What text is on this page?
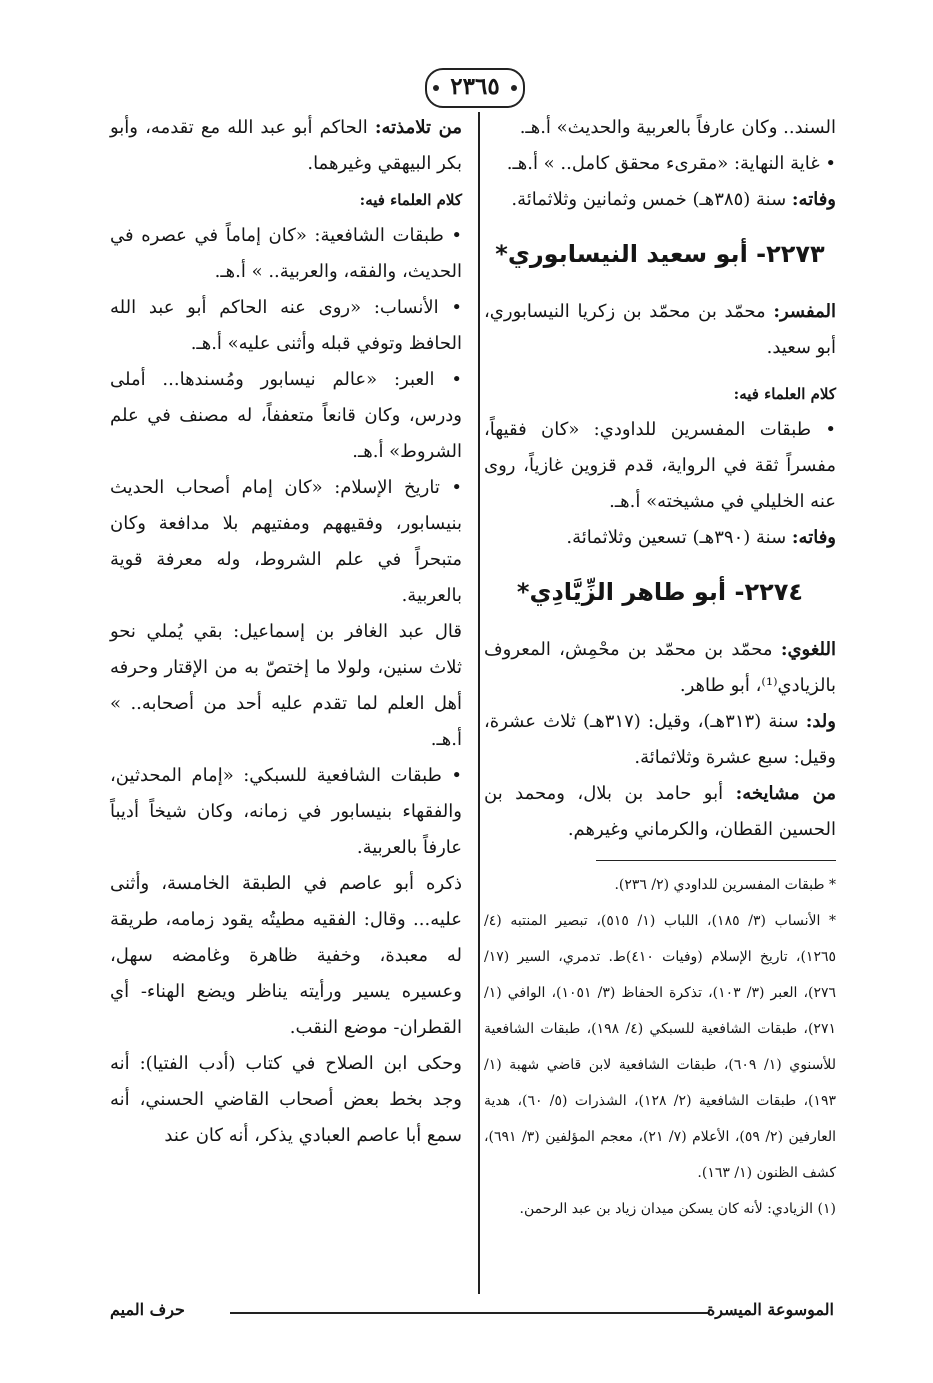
٢٣٦٥

السند.. وكان عارفاً بالعربية والحديث» أ.هـ.

• غاية النهاية: «مقرىء محقق كامل.. » أ.هـ.

وفاته: سنة (٣٨٥هـ) خمس وثمانين وثلاثمائة.

٢٢٧٣- أبو سعيد النيسابوري*

المفسر: محمّد بن محمّد بن زكريا النيسابوري، أبو سعيد.

كلام العلماء فيه:

• طبقات المفسرين للداودي: «كان فقيهاً، مفسراً ثقة في الرواية، قدم قزوين غازياً، روى عنه الخليلي في مشيخته» أ.هـ.

وفاته: سنة (٣٩٠هـ) تسعين وثلاثمائة.

٢٢٧٤- أبو طاهر الزِّيَّادِي*

اللغوي: محمّد بن محمّد بن محْمِش، المعروف بالزيادي⁽¹⁾، أبو طاهر.

ولد: سنة (٣١٣هـ)، وقيل: (٣١٧هـ) ثلاث عشرة، وقيل: سبع عشرة وثلاثمائة.

من مشايخه: أبو حامد بن بلال، ومحمد بن الحسين القطان، والكرماني وغيرهم.

* طبقات المفسرين للداودي (٢/ ٢٣٦).

* الأنساب (٣/ ١٨٥)، اللباب (١/ ٥١٥)، تبصير المنتبه (٤/ ١٢٦٥)، تاريخ الإسلام (وفيات ٤١٠)ط. تدمري، السير (١٧/ ٢٧٦)، العبر (٣/ ١٠٣)، تذكرة الحفاظ (٣/ ١٠٥١)، الوافي (١/ ٢٧١)، طبقات الشافعية للسبكي (٤/ ١٩٨)، طبقات الشافعية للأسنوي (١/ ٦٠٩)، طبقات الشافعية لابن قاضي شهبة (١/ ١٩٣)، طبقات الشافعية (٢/ ١٢٨)، الشذرات (٥/ ٦٠)، هدية العارفين (٢/ ٥٩)، الأعلام (٧/ ٢١)، معجم المؤلفين (٣/ ٦٩١)، كشف الظنون (١/ ١٦٣).

(١) الزيادي: لأنه كان يسكن ميدان زياد بن عبد الرحمن.

من تلامذته: الحاكم أبو عبد الله مع تقدمه، وأبو بكر البيهقي وغيرهما.

كلام العلماء فيه:

• طبقات الشافعية: «كان إماماً في عصره في الحديث، والفقه، والعربية.. » أ.هـ.

• الأنساب: «روى عنه الحاكم أبو عبد الله الحافظ وتوفي قبله وأثنى عليه» أ.هـ.

• العبر: «عالم نيسابور ومُسندها... أملى ودرس، وكان قانعاً متعففاً، له مصنف في علم الشروط» أ.هـ.

• تاريخ الإسلام: «كان إمام أصحاب الحديث بنيسابور، وفقيههم ومفتيهم بلا مدافعة وكان متبحراً في علم الشروط، وله معرفة قوية بالعربية.

قال عبد الغافر بن إسماعيل: بقي يُملي نحو ثلاث سنين، ولولا ما إختصّ به من الإقتار وحرفه أهل العلم لما تقدم عليه أحد من أصحابه.. » أ.هـ.

• طبقات الشافعية للسبكي: «إمام المحدثين، والفقهاء بنيسابور في زمانه، وكان شيخاً أديباً عارفاً بالعربية.

ذكره أبو عاصم في الطبقة الخامسة، وأثنى عليه... وقال: الفقيه مطيتُه يقود زمامه، طريقة له معبدة، وخفية ظاهرة وغامضه سهل، وعسيره يسير ورأيته يناظر ويضع الهناء- أي القطران- موضع النقب.

وحكى ابن الصلاح في كتاب (أدب الفتيا): أنه وجد بخط بعض أصحاب القاضي الحسني، أنه سمع أبا عاصم العبادي يذكر، أنه كان عند

الموسوعة الميسرة
حرف الميم
